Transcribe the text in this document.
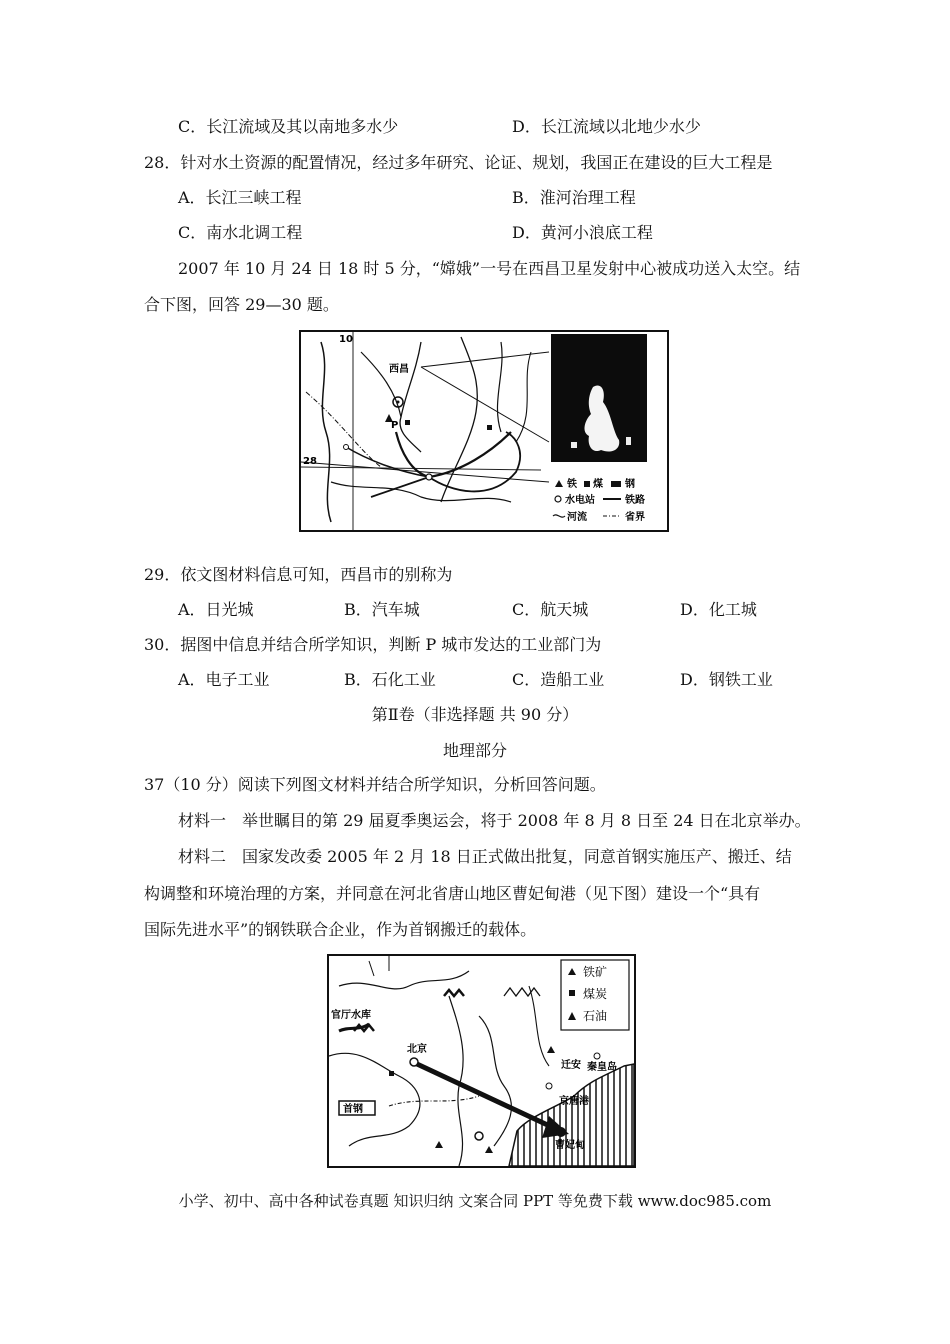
C．长江流域及其以南地多水少	D．长江流域以北地少水少
28．针对水土资源的配置情况，经过多年研究、论证、规划，我国正在建设的巨大工程是
A．长江三峡工程	B．淮河治理工程
C．南水北调工程	D．黄河小浪底工程
2007 年 10 月 24 日 18 时 5 分，“嫦娥”一号在西昌卫星发射中心被成功送入太空。结
合下图，回答 29—30 题。
西昌
P
10
28
铁 煤 钢
水电站	铁路
河流	省界
29．依文图材料信息可知，西昌市的别称为
A．日光城	B．汽车城	C．航天城	D．化工城
30．据图中信息并结合所学知识，判断 P 城市发达的工业部门为
A．电子工业	B．石化工业	C．造船工业	D．钢铁工业
第Ⅱ卷（非选择题 共 90 分）
地理部分
37（10 分）阅读下列图文材料并结合所学知识，分析回答问题。
材料一　举世瞩目的第 29 届夏季奥运会，将于 2008 年 8 月 8 日至 24 日在北京举办。
材料二　国家发改委 2005 年 2 月 18 日正式做出批复，同意首钢实施压产、搬迁、结
构调整和环境治理的方案，并同意在河北省唐山地区曹妃甸港（见下图）建设一个“具有
国际先进水平”的钢铁联合企业，作为首钢搬迁的载体。
官厅水库
北京
首钢
迁安 秦皇岛
京唐港
曹妃甸
铁矿
煤炭
石油
小学、初中、高中各种试卷真题 知识归纳 文案合同 PPT 等免费下载 www.doc985.com
